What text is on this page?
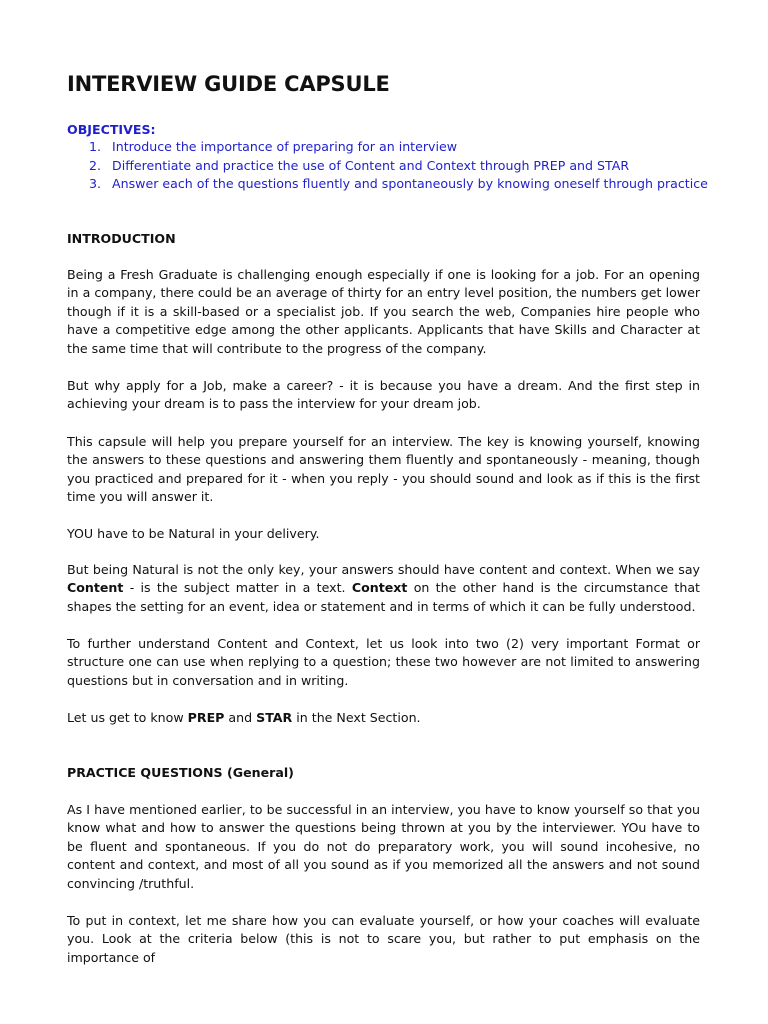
INTERVIEW GUIDE CAPSULE

OBJECTIVES:

1. Introduce the importance of preparing for an interview
2. Differentiate and practice the use of Content and Context through PREP and STAR
3. Answer each of the questions fluently and spontaneously by knowing oneself through practice

INTRODUCTION

Being a Fresh Graduate is challenging enough especially if one is looking for a job. For an opening in a company, there could be an average of thirty for an entry level position, the numbers get lower though if it is a skill-based or a specialist job. If you search the web, Companies hire people who have a competitive edge among the other applicants. Applicants that have Skills and Character at the same time that will contribute to the progress of the company.

But why apply for a Job, make a career? - it is because you have a dream. And the first step in achieving your dream is to pass the interview for your dream job.

This capsule will help you prepare yourself for an interview. The key is knowing yourself, knowing the answers to these questions and answering them fluently and spontaneously - meaning, though you practiced and prepared for it - when you reply - you should sound and look as if this is the first time you will answer it.

YOU have to be Natural in your delivery.

But being Natural is not the only key, your answers should have content and context. When we say Content - is the subject matter in a text. Context on the other hand is the circumstance that shapes the setting for an event, idea or statement and in terms of which it can be fully understood.

To further understand Content and Context, let us look into two (2) very important Format or structure one can use when replying to a question; these two however are not limited to answering questions but in conversation and in writing.

Let us get to know PREP and STAR in the Next Section.

PRACTICE QUESTIONS (General)

As I have mentioned earlier, to be successful in an interview, you have to know yourself so that you know what and how to answer the questions being thrown at you by the interviewer. YOu have to be fluent and spontaneous. If you do not do preparatory work, you will sound incohesive, no content and context, and most of all you sound as if you memorized all the answers and not sound convincing /truthful.

To put in context, let me share how you can evaluate yourself, or how your coaches will evaluate you. Look at the criteria below (this is not to scare you, but rather to put emphasis on the importance of
